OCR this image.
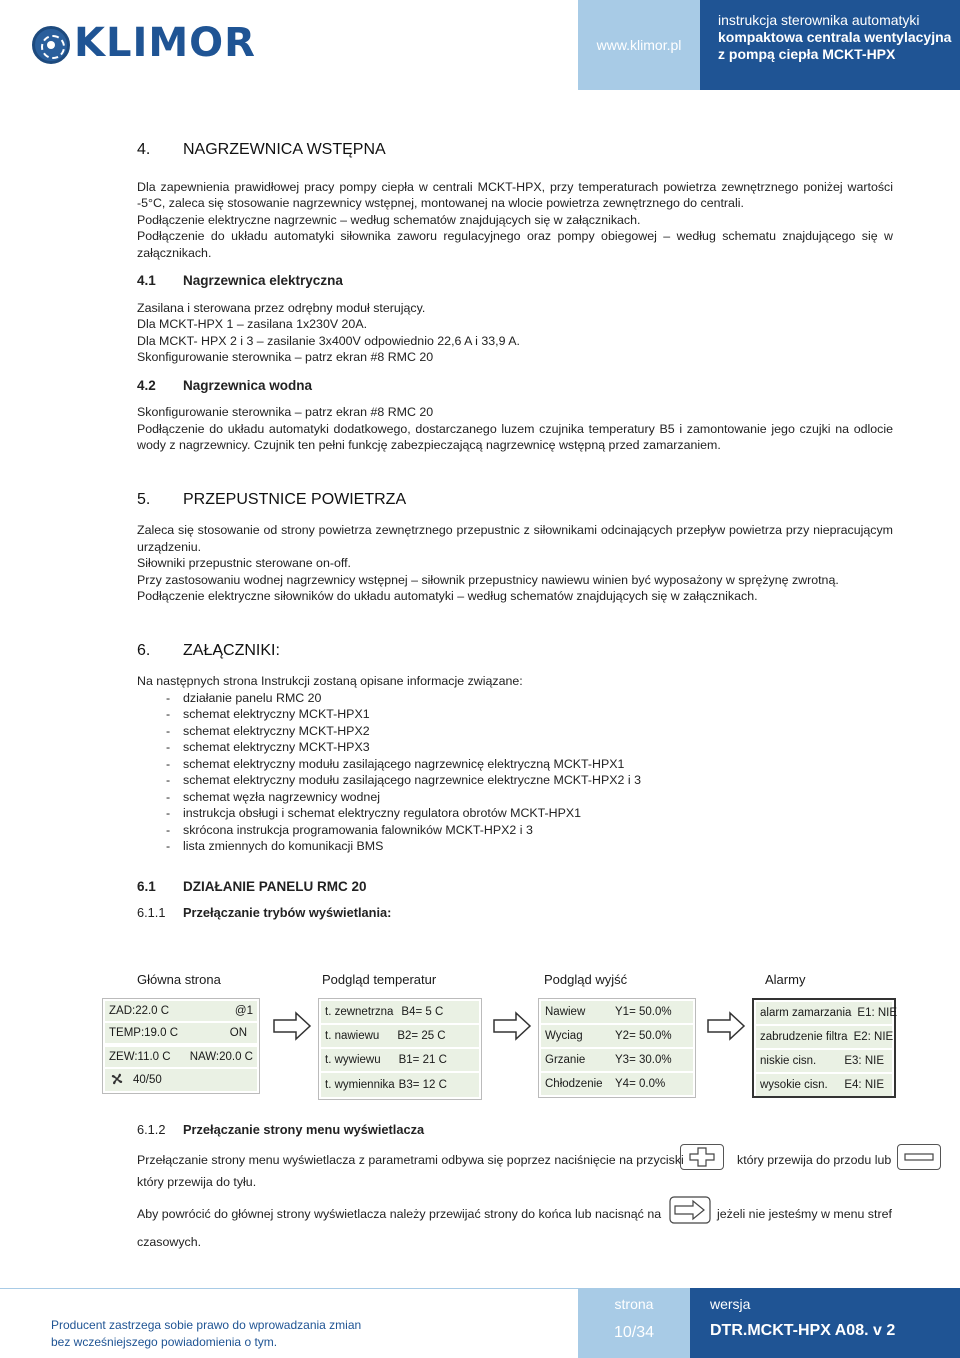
KLIMOR	www.klimor.pl
instrukcja sterownika automatyki
kompaktowa centrala wentylacyjna
z pompą ciepła MCKT-HPX
4.	NAGRZEWNICA WSTĘPNA

Dla zapewnienia prawidłowej pracy pompy ciepła w centrali MCKT-HPX, przy temperaturach powietrza zewnętrznego poniżej wartości -5°C, zaleca się stosowanie nagrzewnicy wstępnej, montowanej na wlocie powietrza zewnętrznego do centrali.

Podłączenie elektryczne nagrzewnic – według schematów znajdujących się w załącznikach.

Podłączenie do układu automatyki siłownika zaworu regulacyjnego oraz pompy obiegowej – według schematu znajdującego się w załącznikach.

4.1	Nagrzewnica elektryczna

Zasilana i sterowana przez odrębny moduł sterujący.

Dla MCKT-HPX 1 – zasilana 1x230V 20A.

Dla MCKT- HPX 2 i 3 – zasilanie 3x400V odpowiednio 22,6 A i 33,9 A.

Skonfigurowanie sterownika – patrz ekran #8 RMC 20

4.2	Nagrzewnica wodna

Skonfigurowanie sterownika – patrz ekran #8 RMC 20

Podłączenie do układu automatyki dodatkowego, dostarczanego luzem czujnika temperatury B5 i zamontowanie jego czujki na odlocie wody z nagrzewnicy. Czujnik ten pełni funkcję zabezpieczającą nagrzewnicę wstępną przed zamarzaniem.

5.	PRZEPUSTNICE POWIETRZA

Zaleca się stosowanie od strony powietrza zewnętrznego przepustnic z siłownikami odcinających przepływ powietrza przy niepracującym urządzeniu.

Siłowniki przepustnic sterowane on-off.

Przy zastosowaniu wodnej nagrzewnicy wstępnej – siłownik przepustnicy nawiewu winien być wyposażony w sprężynę zwrotną.

Podłączenie elektryczne siłowników do układu automatyki – według schematów znajdujących się w załącznikach.

6.	ZAŁĄCZNIKI:

Na następnych strona Instrukcji zostaną opisane informacje związane:

- działanie panelu RMC 20
- schemat elektryczny MCKT-HPX1
- schemat elektryczny MCKT-HPX2
- schemat elektryczny MCKT-HPX3
- schemat elektryczny modułu zasilającego nagrzewnicę elektryczną MCKT-HPX1
- schemat elektryczny modułu zasilającego nagrzewnice elektryczne MCKT-HPX2 i 3
- schemat węzła nagrzewnicy wodnej
- instrukcja obsługi i schemat elektryczny regulatora obrotów MCKT-HPX1
- skrócona instrukcja programowania falowników MCKT-HPX2 i 3
- lista zmiennych do komunikacji BMS
6.1	DZIAŁANIE PANELU RMC 20
6.1.1	Przełączanie trybów wyświetlania:
Główna strona	Podgląd temperatur	Podgląd wyjść	Alarmy
ZAD:22.0 C	@1
TEMP:19.0 C	ON
ZEW:11.0 C NAW:20.0 C
40/50
t. zewnetrzna B4= 5 C
t. nawiewu B2= 25 C
t. wywiewu B1= 21 C
t. wymiennika B3= 12 C
Nawiew	Y1= 50.0%
Wyciag	Y2= 50.0%
Grzanie	Y3= 30.0%
Chłodzenie	Y4= 0.0%
alarm zamarzania E1: NIE
zabrudzenie filtra E2: NIE
niskie cisn. E3: NIE
wysokie cisn. E4: NIE
6.1.2	Przełączanie strony menu wyświetlacza
Przełączanie strony menu wyświetlacza z parametrami odbywa się poprzez naciśnięcie na przyciski	który przewija do przodu lub
który przewija do tyłu.
Aby powrócić do głównej strony wyświetlacza należy przewijać strony do końca lub nacisnąć na	jeżeli nie jesteśmy w menu stref
czasowych.
Producent zastrzega sobie prawo do wprowadzania zmian
bez wcześniejszego powiadomienia o tym.
strona
10/34
wersja
DTR.MCKT-HPX A08. v 2
